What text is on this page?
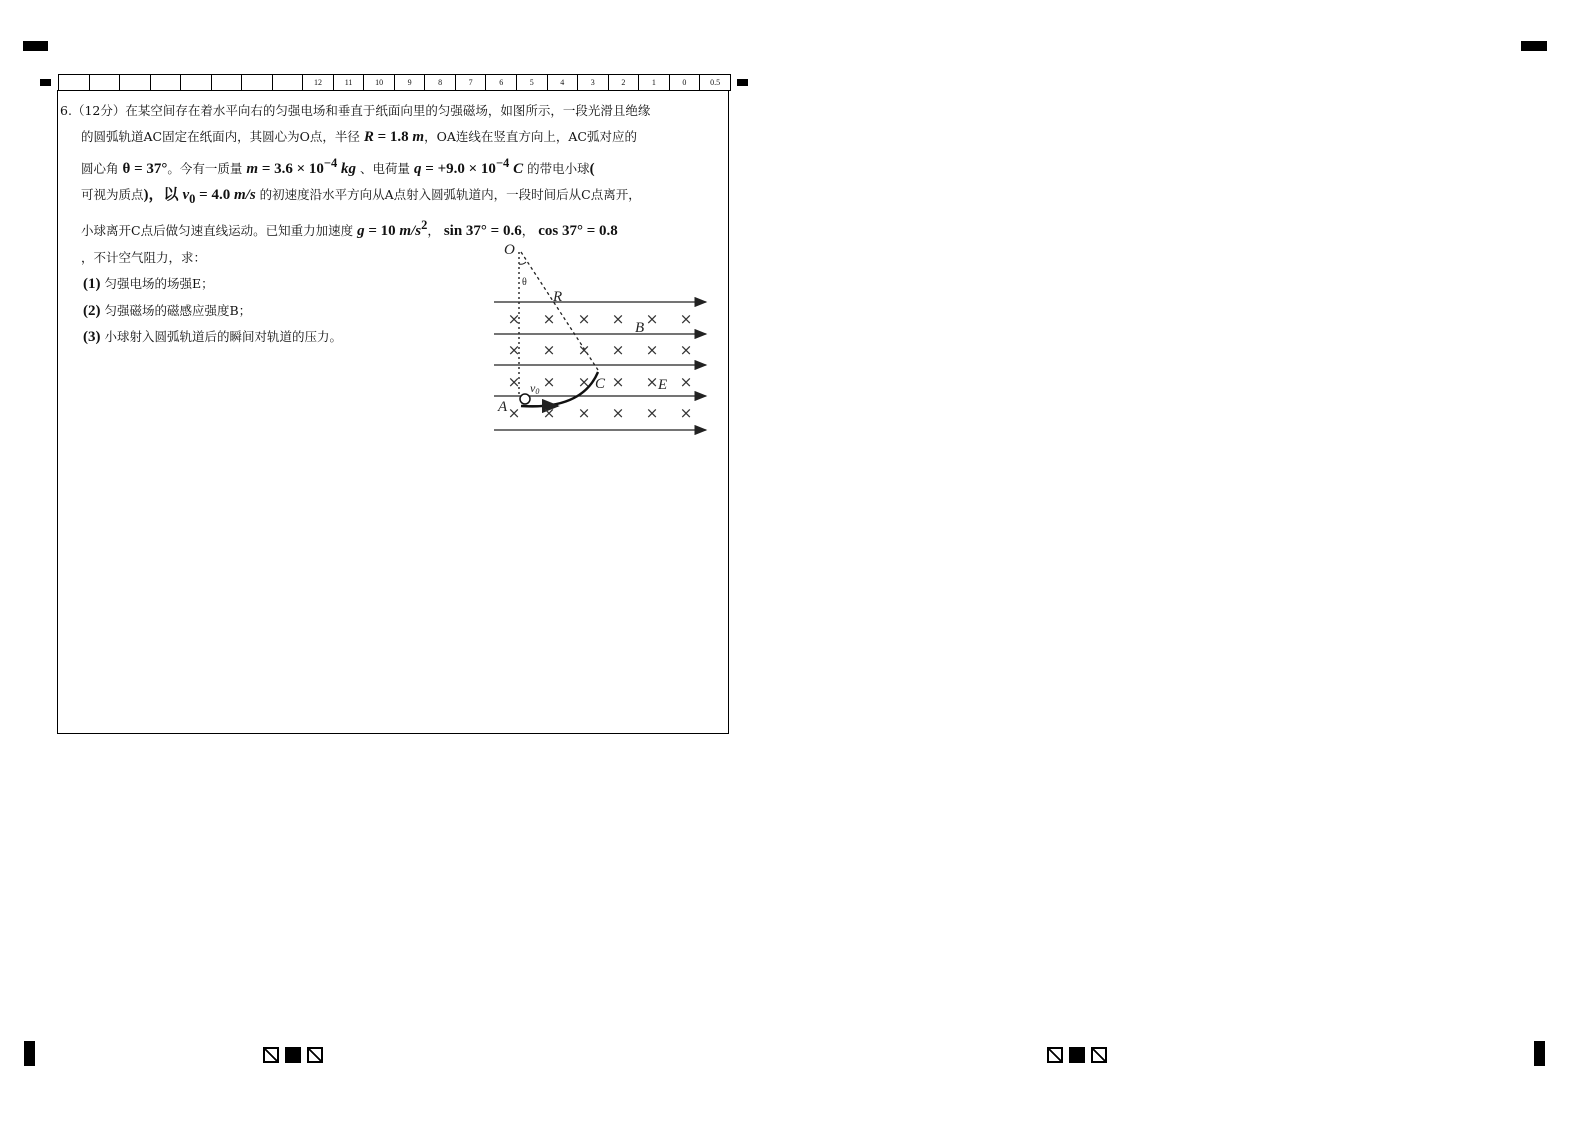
								12	11	10	9	8	7	6	5	4	3	2	1	0	0.5
6.（12分）在某空间存在着水平向右的匀强电场和垂直于纸面向里的匀强磁场，如图所示，一段光滑且绝缘
的圆弧轨道AC固定在纸面内，其圆心为O点，半径 R = 1.8 m，OA连线在竖直方向上，AC弧对应的
圆心角 θ = 37°。今有一质量 $m = 3.6 \times 10^{-4}$ kg 、电荷量 $q = +9.0 \times 10^{-4}$ C 的带电小球(
可视为质点)，以 $v_0 = 4.0$ m/s 的初速度沿水平方向从A点射入圆弧轨道内，一段时间后从C点离开，
小球离开C点后做匀速直线运动。已知重力加速度 g = 10 $m/s^2$， sin 37° = 0.6， cos 37° = 0.8
，不计空气阻力，求：
(1) 匀强电场的场强E；
(2) 匀强磁场的磁感应强度B；
(3) 小球射入圆弧轨道后的瞬间对轨道的压力。
× × × × × ×
× × × × × ×
× × × × × ×
× × × × × ×
O
θ
R
B
C	E
A
v0
